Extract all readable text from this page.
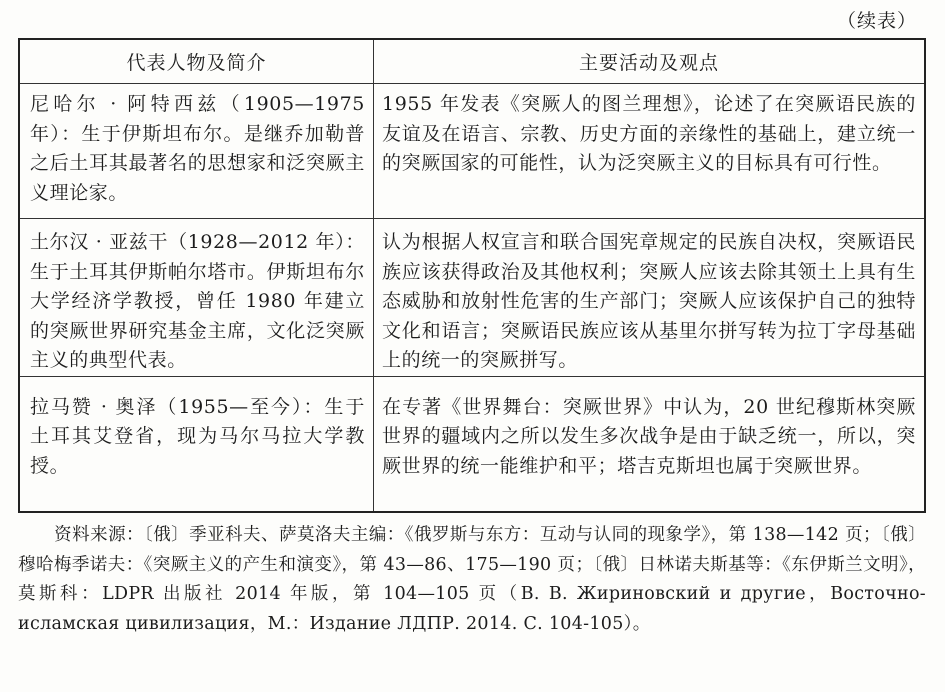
（续表）
代表人物及简介	主要活动及观点

尼哈尔 · 阿特西兹（1905—1975年）：生于伊斯坦布尔。是继乔加勒普之后土耳其最著名的思想家和泛突厥主义理论家。	1955 年发表《突厥人的图兰理想》，论述了在突厥语民族的友谊及在语言、宗教、历史方面的亲缘性的基础上，建立统一的突厥国家的可能性，认为泛突厥主义的目标具有可行性。

土尔汉 · 亚兹干（1928—2012 年）：生于土耳其伊斯帕尔塔市。伊斯坦布尔大学经济学教授，曾任 1980 年建立的突厥世界研究基金主席，文化泛突厥主义的典型代表。	认为根据人权宣言和联合国宪章规定的民族自决权，突厥语民族应该获得政治及其他权利；突厥人应该去除其领土上具有生态威胁和放射性危害的生产部门；突厥人应该保护自己的独特文化和语言；突厥语民族应该从基里尔拼写转为拉丁字母基础上的统一的突厥拼写。

拉马赞 · 奥泽（1955—至今）：生于土耳其艾登省，现为马尔马拉大学教授。	在专著《世界舞台：突厥世界》中认为，20 世纪穆斯林突厥世界的疆域内之所以发生多次战争是由于缺乏统一，所以，突厥世界的统一能维护和平；塔吉克斯坦也属于突厥世界。
资料来源：〔俄〕季亚科夫、萨莫洛夫主编：《俄罗斯与东方：互动与认同的现象学》，第 138—142 页；〔俄〕穆哈梅季诺夫：《突厥主义的产生和演变》，第 43—86、175—190 页；〔俄〕日林诺夫斯基等：《东伊斯兰文明》，莫斯科：LDPR 出版社 2014 年版，第 104—105 页（В. В. Жириновский и другие，Восточно-исламская цивилизация，М.：Издание ЛДПР. 2014. С. 104-105）。
